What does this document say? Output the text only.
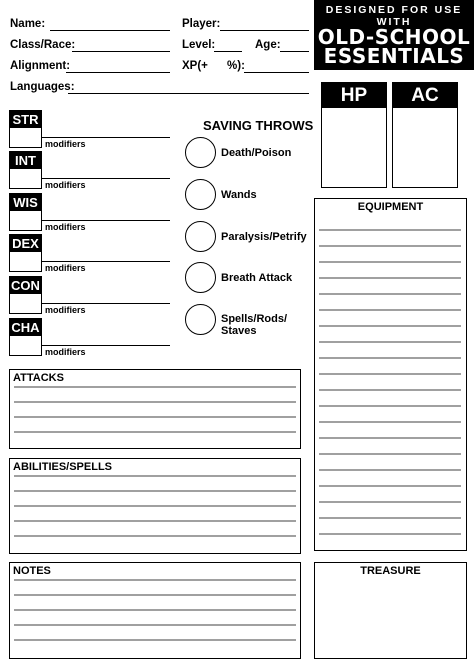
DESIGNED FOR USE WITH
OLD-SCHOOL
ESSENTIALS
Name:	Player:
Class/Race:	Level:	Age:
Alignment:	XP(+      %):
Languages:	HP	AC
STR
modifiers
INT
modifiers
WIS
modifiers
DEX
modifiers
CON
modifiers
CHA
modifiers
SAVING THROWS
Death/Poison
Wands
Paralysis/Petrify
Breath Attack
Spells/Rods/
Staves
EQUIPMENT
ATTACKS
ABILITIES/SPELLS
NOTES	TREASURE
